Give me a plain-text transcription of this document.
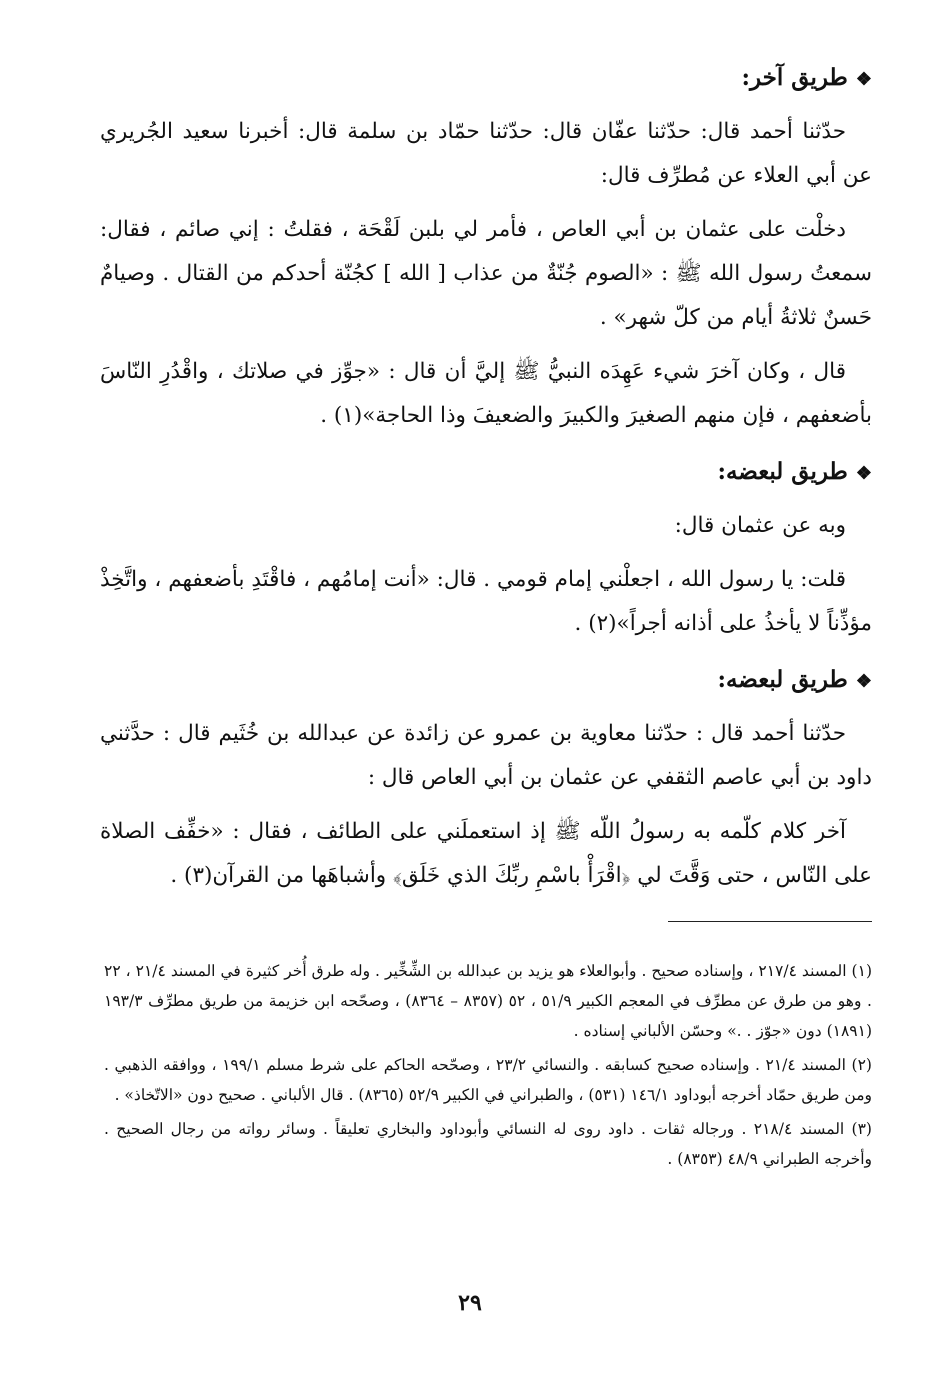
❖طريق آخر:

حدّثنا أحمد قال: حدّثنا عفّان قال: حدّثنا حمّاد بن سلمة قال: أخبرنا سعيد الجُريري عن أبي العلاء عن مُطرِّف قال:

دخلْت على عثمان بن أبي العاص ، فأمر لي بلبن لَقْحَة ، فقلتُ : إني صائم ، فقال: سمعتُ رسول الله ﷺ : «الصوم جُنّةٌ من عذاب [ الله ] كجُنّة أحدكم من القتال . وصيامٌ حَسنٌ ثلاثةُ أيام من كلّ شهر» .

قال ، وكان آخرَ شيء عَهِدَه النبيُّ ﷺ إليَّ أن قال : «جوِّز في صلاتك ، واقْدُرِ النّاسَ بأضعفهم ، فإن منهم الصغيرَ والكبيرَ والضعيفَ وذا الحاجة»(١) .

❖طريق لبعضه:

وبه عن عثمان قال:

قلت: يا رسول الله ، اجعلْني إمام قومي . قال: «أنت إمامُهم ، فاقْتَدِ بأضعفهم ، واتَّخِذْ مؤذِّناً لا يأخذُ على أذانه أجراً»(٢) .

❖طريق لبعضه:

حدّثنا أحمد قال : حدّثنا معاوية بن عمرو عن زائدة عن عبدالله بن خُثَيم قال : حدَّثني داود بن أبي عاصم الثقفي عن عثمان بن أبي العاص قال :

آخر كلام كلّمه به رسولُ اللّه ﷺ إذ استعملَني على الطائف ، فقال : «خفِّف الصلاة على النّاس ، حتى وَقَّتَ لي ﴿اقْرَأْ باسْمِ ربِّكَ الذي خَلَق﴾ وأشباهَها من القرآن(٣) .

(١) المسند ٢١٧/٤ ، وإسناده صحيح . وأبوالعلاء هو يزيد بن عبدالله بن الشِّخِّير . وله طرق أُخر كثيرة في المسند ٢١/٤ ، ٢٢ . وهو من طرق عن مطرِّف في المعجم الكبير ٥١/٩ ، ٥٢ (٨٣٥٧ – ٨٣٦٤) ، وصحّحه ابن خزيمة من طريق مطرِّف ١٩٣/٣ (١٨٩١) دون «جوّز . .» وحسّن الألباني إسناده .

(٢) المسند ٢١/٤ . وإسناده صحيح كسابقه . والنسائي ٢٣/٢ ، وصحّحه الحاكم على شرط مسلم ١٩٩/١ ، ووافقه الذهبي . ومن طريق حمّاد أخرجه أبوداود ١٤٦/١ (٥٣١) ، والطبراني في الكبير ٥٢/٩ (٨٣٦٥) . قال الألباني . صحيح دون «الاتّخاذ» .

(٣) المسند ٢١٨/٤ . ورجاله ثقات . داود روى له النسائي وأبوداود والبخاري تعليقاً . وسائر رواته من رجال الصحيح . وأخرجه الطبراني ٤٨/٩ (٨٣٥٣) .

٢٩
